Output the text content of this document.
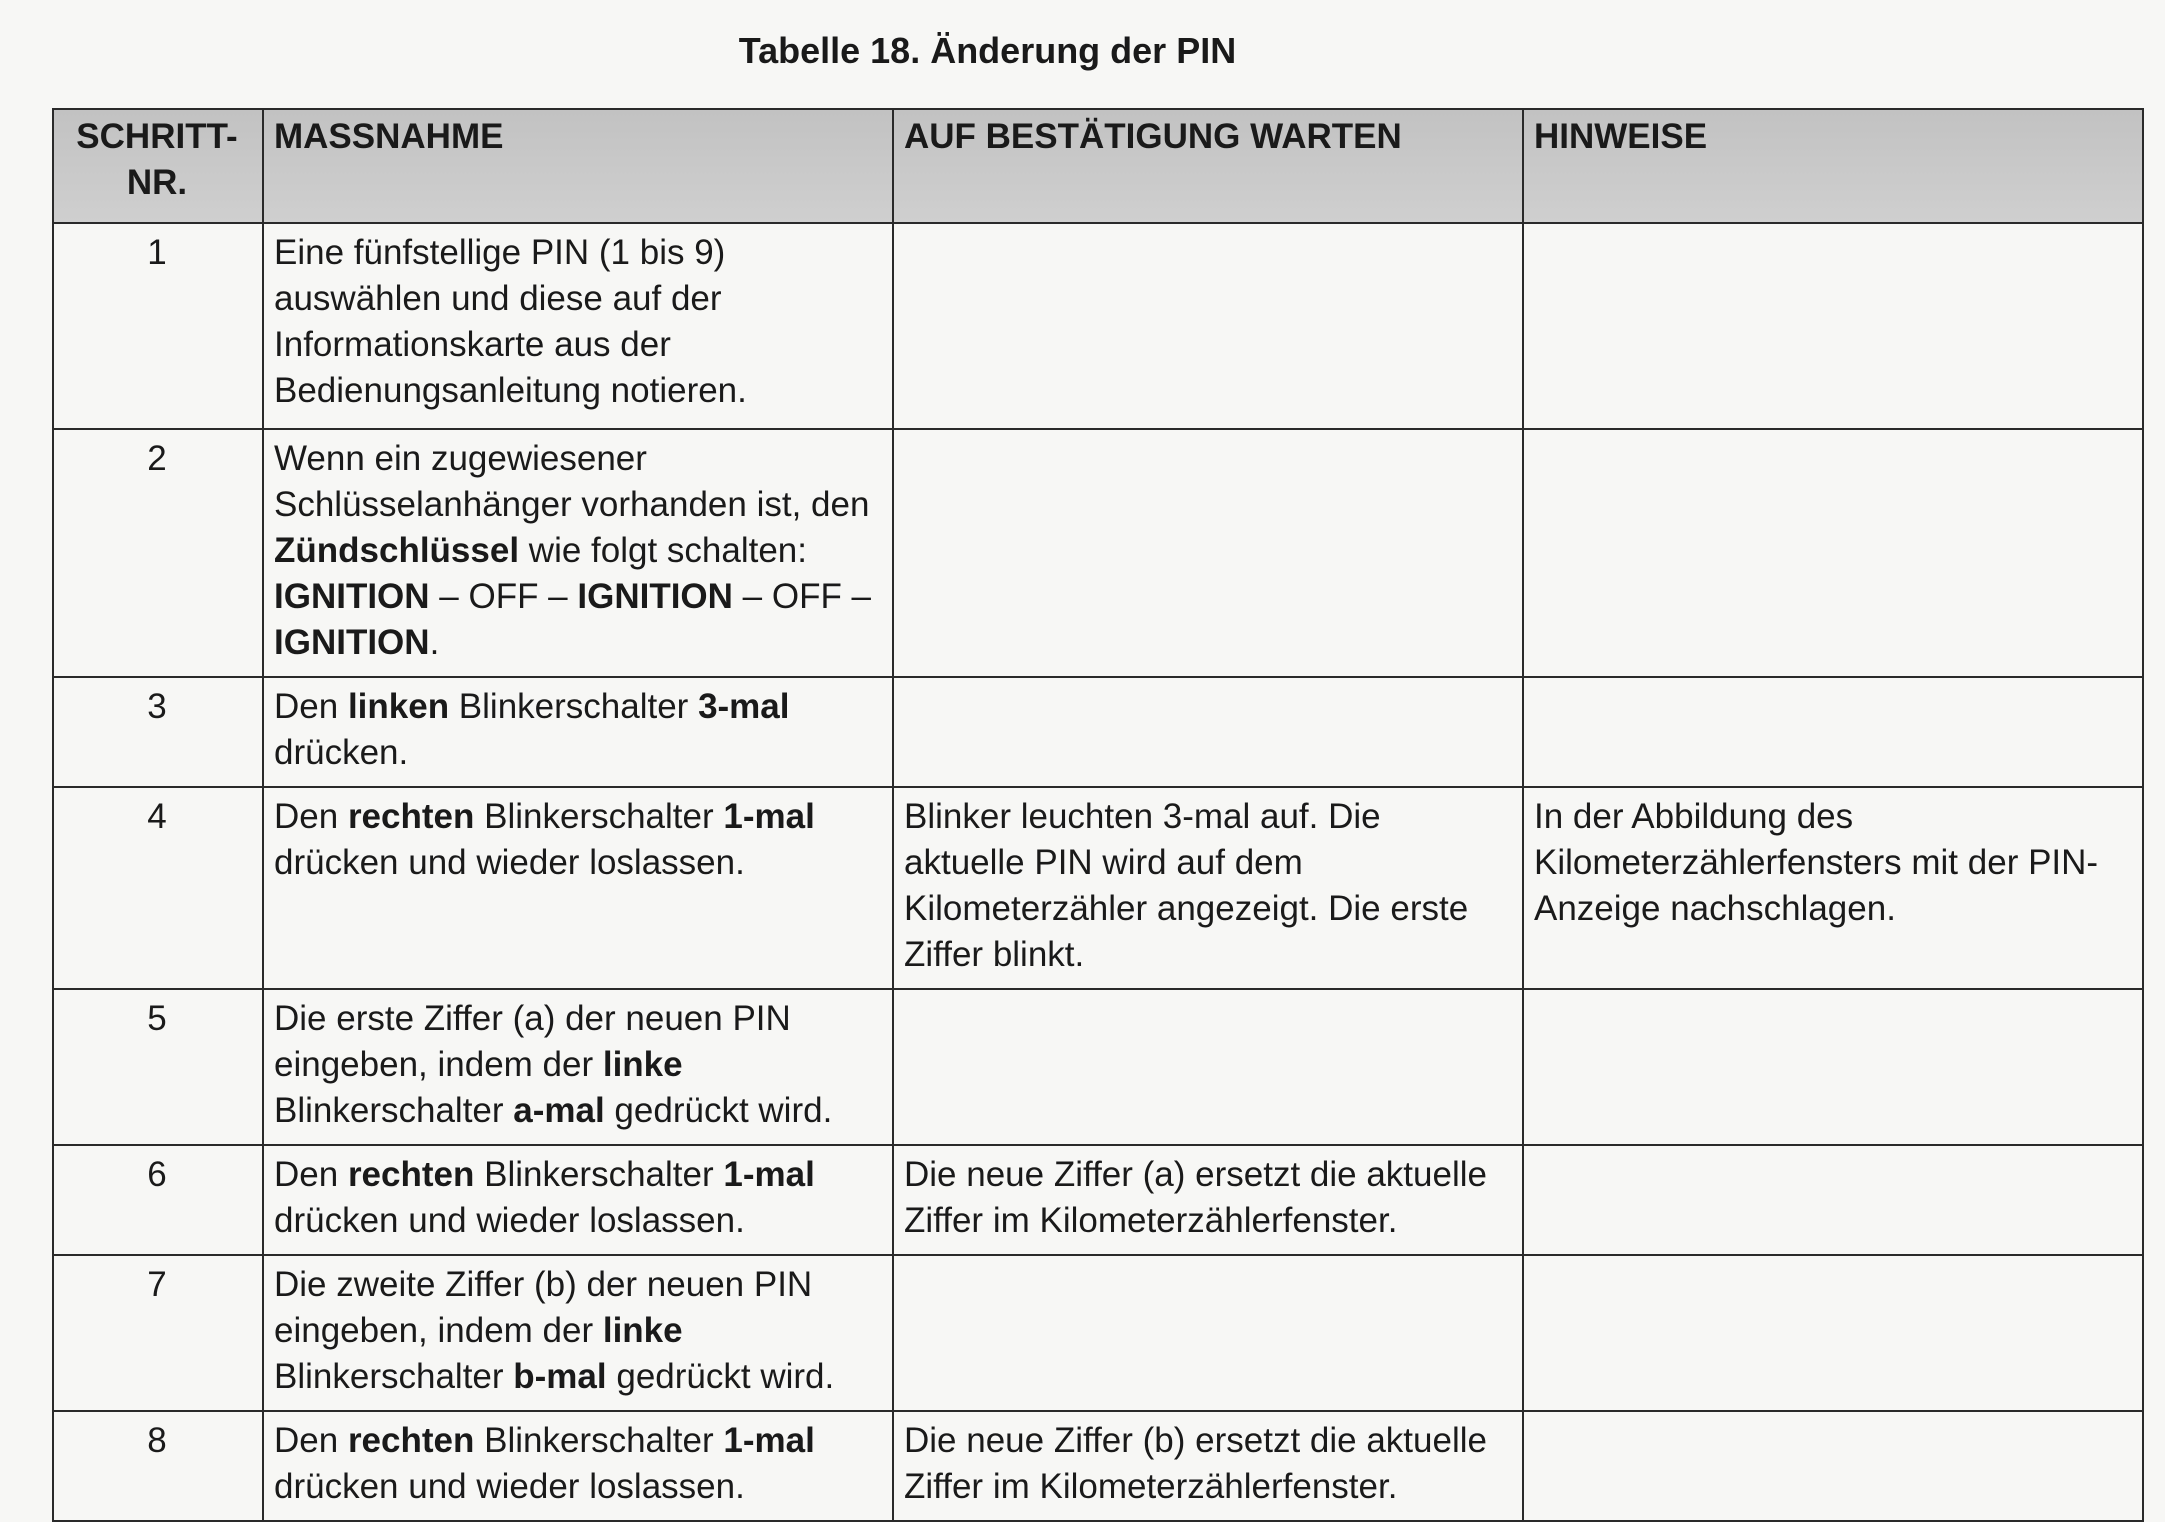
Tabelle 18. Änderung der PIN
SCHRITT-
NR.	MASSNAHME	AUF BESTÄTIGUNG WARTEN	HINWEISE
1	Eine fünfstellige PIN (1 bis 9) auswählen und diese auf der Informationskarte aus der Bedienungsanleitung notieren.		
2	Wenn ein zugewiesener Schlüsselanhänger vorhanden ist, den Zündschlüssel wie folgt schalten: IGNITION – OFF – IGNITION – OFF – IGNITION.		
3	Den linken Blinkerschalter 3-mal drücken.		
4	Den rechten Blinkerschalter 1-mal drücken und wieder loslassen.	Blinker leuchten 3-mal auf. Die aktuelle PIN wird auf dem Kilometerzähler angezeigt. Die erste Ziffer blinkt.	In der Abbildung des Kilometerzählerfensters mit der PIN-Anzeige nachschlagen.
5	Die erste Ziffer (a) der neuen PIN eingeben, indem der linke Blinkerschalter a-mal gedrückt wird.		
6	Den rechten Blinkerschalter 1-mal drücken und wieder loslassen.	Die neue Ziffer (a) ersetzt die aktuelle Ziffer im Kilometerzählerfenster.	
7	Die zweite Ziffer (b) der neuen PIN eingeben, indem der linke Blinkerschalter b-mal gedrückt wird.		
8	Den rechten Blinkerschalter 1-mal drücken und wieder loslassen.	Die neue Ziffer (b) ersetzt die aktuelle Ziffer im Kilometerzählerfenster.	
